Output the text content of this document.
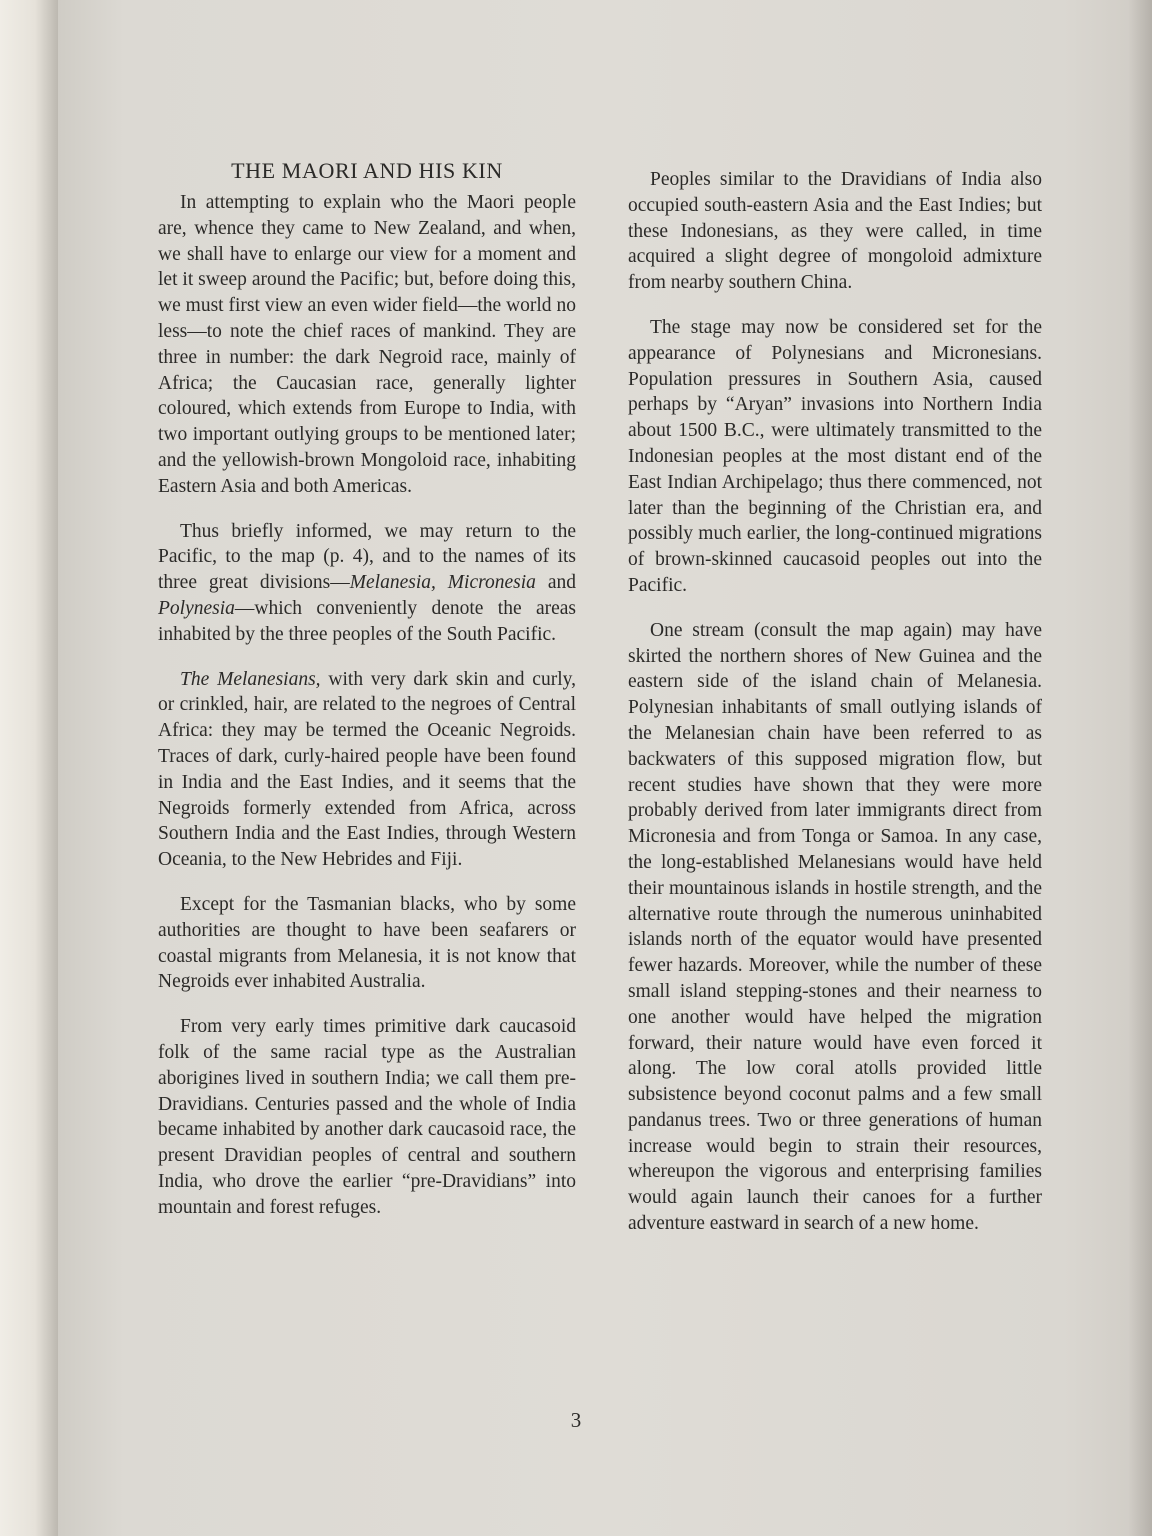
THE MAORI AND HIS KIN

In attempting to explain who the Maori people are, whence they came to New Zealand, and when, we shall have to enlarge our view for a moment and let it sweep around the Pacific; but, before doing this, we must first view an even wider field—the world no less—to note the chief races of mankind. They are three in number: the dark Negroid race, mainly of Africa; the Caucasian race, generally lighter coloured, which extends from Europe to India, with two important outlying groups to be mentioned later; and the yellowish-brown Mongoloid race, inhabiting Eastern Asia and both Americas.

Thus briefly informed, we may return to the Pacific, to the map (p. 4), and to the names of its three great divisions—Melanesia, Micronesia and Polynesia—which conveniently denote the areas inhabited by the three peoples of the South Pacific.

The Melanesians, with very dark skin and curly, or crinkled, hair, are related to the negroes of Central Africa: they may be termed the Oceanic Negroids. Traces of dark, curly-haired people have been found in India and the East Indies, and it seems that the Negroids formerly extended from Africa, across Southern India and the East Indies, through Western Oceania, to the New Hebrides and Fiji.

Except for the Tasmanian blacks, who by some authorities are thought to have been seafarers or coastal migrants from Melanesia, it is not know that Negroids ever inhabited Australia.

From very early times primitive dark caucasoid folk of the same racial type as the Australian aborigines lived in southern India; we call them pre-Dravidians. Centuries passed and the whole of India became inhabited by another dark caucasoid race, the present Dravidian peoples of central and southern India, who drove the earlier “pre-Dravidians” into mountain and forest refuges.

Peoples similar to the Dravidians of India also occupied south-eastern Asia and the East Indies; but these Indonesians, as they were called, in time acquired a slight degree of mongoloid admixture from nearby southern China.

The stage may now be considered set for the appearance of Polynesians and Micronesians. Population pressures in Southern Asia, caused perhaps by “Aryan” invasions into Northern India about 1500 B.C., were ultimately transmitted to the Indonesian peoples at the most distant end of the East Indian Archipelago; thus there commenced, not later than the beginning of the Christian era, and possibly much earlier, the long-continued migrations of brown-skinned caucasoid peoples out into the Pacific.

One stream (consult the map again) may have skirted the northern shores of New Guinea and the eastern side of the island chain of Melanesia. Polynesian inhabitants of small outlying islands of the Melanesian chain have been referred to as backwaters of this supposed migration flow, but recent studies have shown that they were more probably derived from later immigrants direct from Micronesia and from Tonga or Samoa. In any case, the long-established Melanesians would have held their mountainous islands in hostile strength, and the alternative route through the numerous uninhabited islands north of the equator would have presented fewer hazards. Moreover, while the number of these small island stepping-stones and their nearness to one another would have helped the migration forward, their nature would have even forced it along. The low coral atolls provided little subsistence beyond coconut palms and a few small pandanus trees. Two or three generations of human increase would begin to strain their resources, whereupon the vigorous and enterprising families would again launch their canoes for a further adventure eastward in search of a new home.

3
